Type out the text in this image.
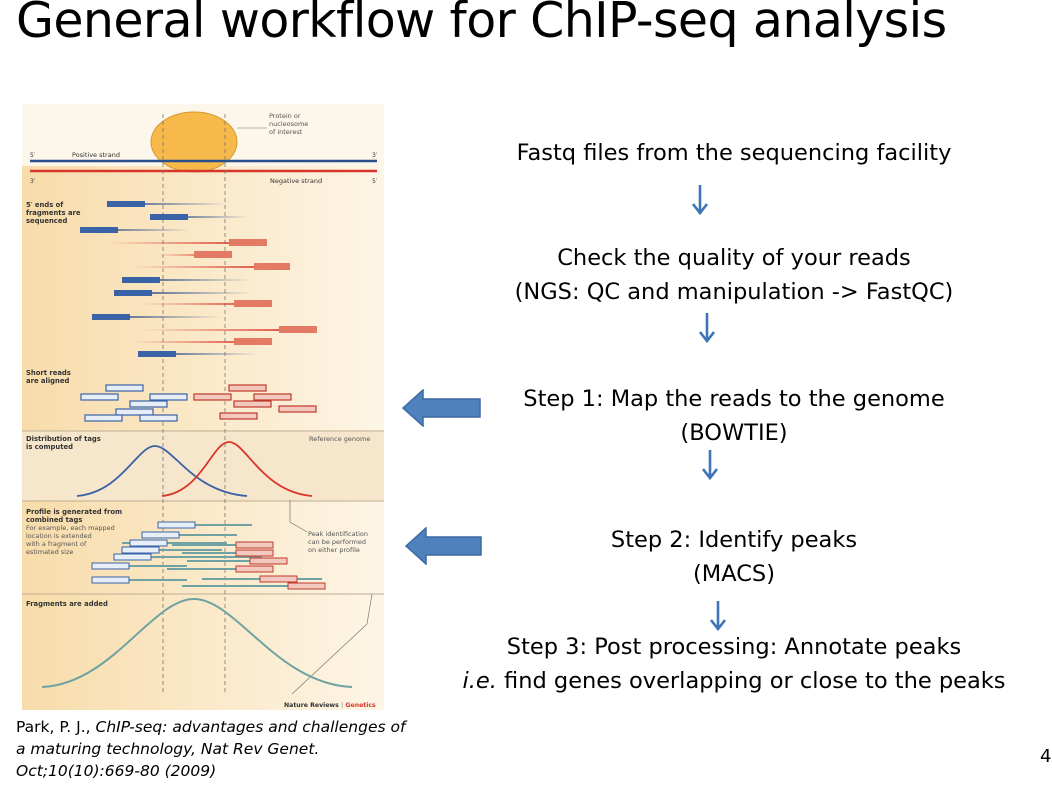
General workflow for ChIP-seq analysis
Protein or
nucleosome
of interest
5′	Positive strand	3′
3′	Negative strand	5′
5′ ends of
fragments are
sequenced
Short reads
are aligned
Distribution of tags
is computed
Reference genome
Profile is generated from
combined tags
For example, each mapped
location is extended
with a fragment of
estimated size
Peak identification
can be performed
on either profile
Fragments are added
Nature Reviews | Genetics
Fastq files from the sequencing facility
Check the quality of your reads
(NGS: QC and manipulation -> FastQC)
Step 1: Map the reads to the genome
(BOWTIE)
Step 2: Identify peaks
(MACS)
Step 3: Post processing: Annotate peaks
i.e. find genes overlapping or close to the peaks
Park, P. J., ChIP-seq: advantages and challenges of
a maturing technology, Nat Rev Genet.
Oct;10(10):669-80 (2009)
4
